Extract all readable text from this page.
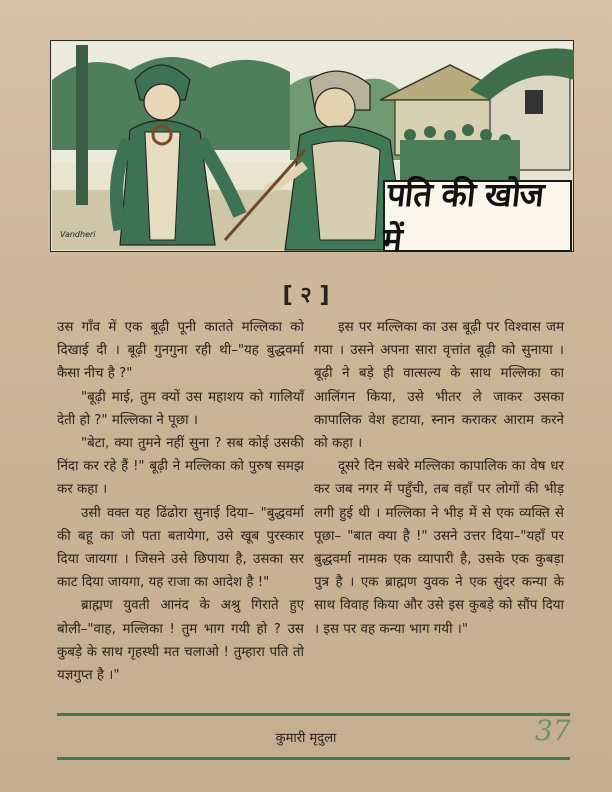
Vandheri
पति की खोज में
[ २ ]

उस गाँव में एक बूढ़ी पूनी कातते मल्लिका को दिखाई दी । बूढ़ी गुनगुना रही थी–"यह बुद्धवर्मा कैसा नीच है ?"

"बूढ़ी माई, तुम क्यों उस महाशय को गालियाँ देती हो ?" मल्लिका ने पूछा ।

"बेटा, क्या तुमने नहीं सुना ? सब कोई उसकी निंदा कर रहे हैं !" बूढ़ी ने मल्लिका को पुरुष समझ कर कहा ।

उसी वक्त यह ढिंढोरा सुनाई दिया– "बुद्धवर्मा की बहू का जो पता बतायेगा, उसे खूब पुरस्कार दिया जायगा । जिसने उसे छिपाया है, उसका सर काट दिया जायगा, यह राजा का आदेश है !"

ब्राह्मण युवती आनंद के अश्रु गिराते हुए बोली–"वाह, मल्लिका ! तुम भाग गयी हो ? उस कुबड़े के साथ गृहस्थी मत चलाओ ! तुम्हारा पति तो यज्ञगुप्त है ।"

इस पर मल्लिका का उस बूढ़ी पर विश्वास जम गया । उसने अपना सारा वृत्तांत बूढ़ी को सुनाया । बूढ़ी ने बड़े ही वात्सल्य के साथ मल्लिका का आलिंगन किया, उसे भीतर ले जाकर उसका कापालिक वेश हटाया, स्नान कराकर आराम करने को कहा ।

दूसरे दिन सबेरे मल्लिका कापालिक का वेष धर कर जब नगर में पहुँची, तब वहाँ पर लोगों की भीड़ लगी हुई थी । मल्लिका ने भीड़ में से एक व्यक्ति से पूछा– "बात क्या है !" उसने उत्तर दिया–"यहाँ पर बुद्धवर्मा नामक एक व्यापारी है, उसके एक कुबड़ा पुत्र है । एक ब्राह्मण युवक ने एक सुंदर कन्या के साथ विवाह किया और उसे इस कुबड़े को सौंप दिया । इस पर वह कन्या भाग गयी ।"

कुमारी मृदुला	37
